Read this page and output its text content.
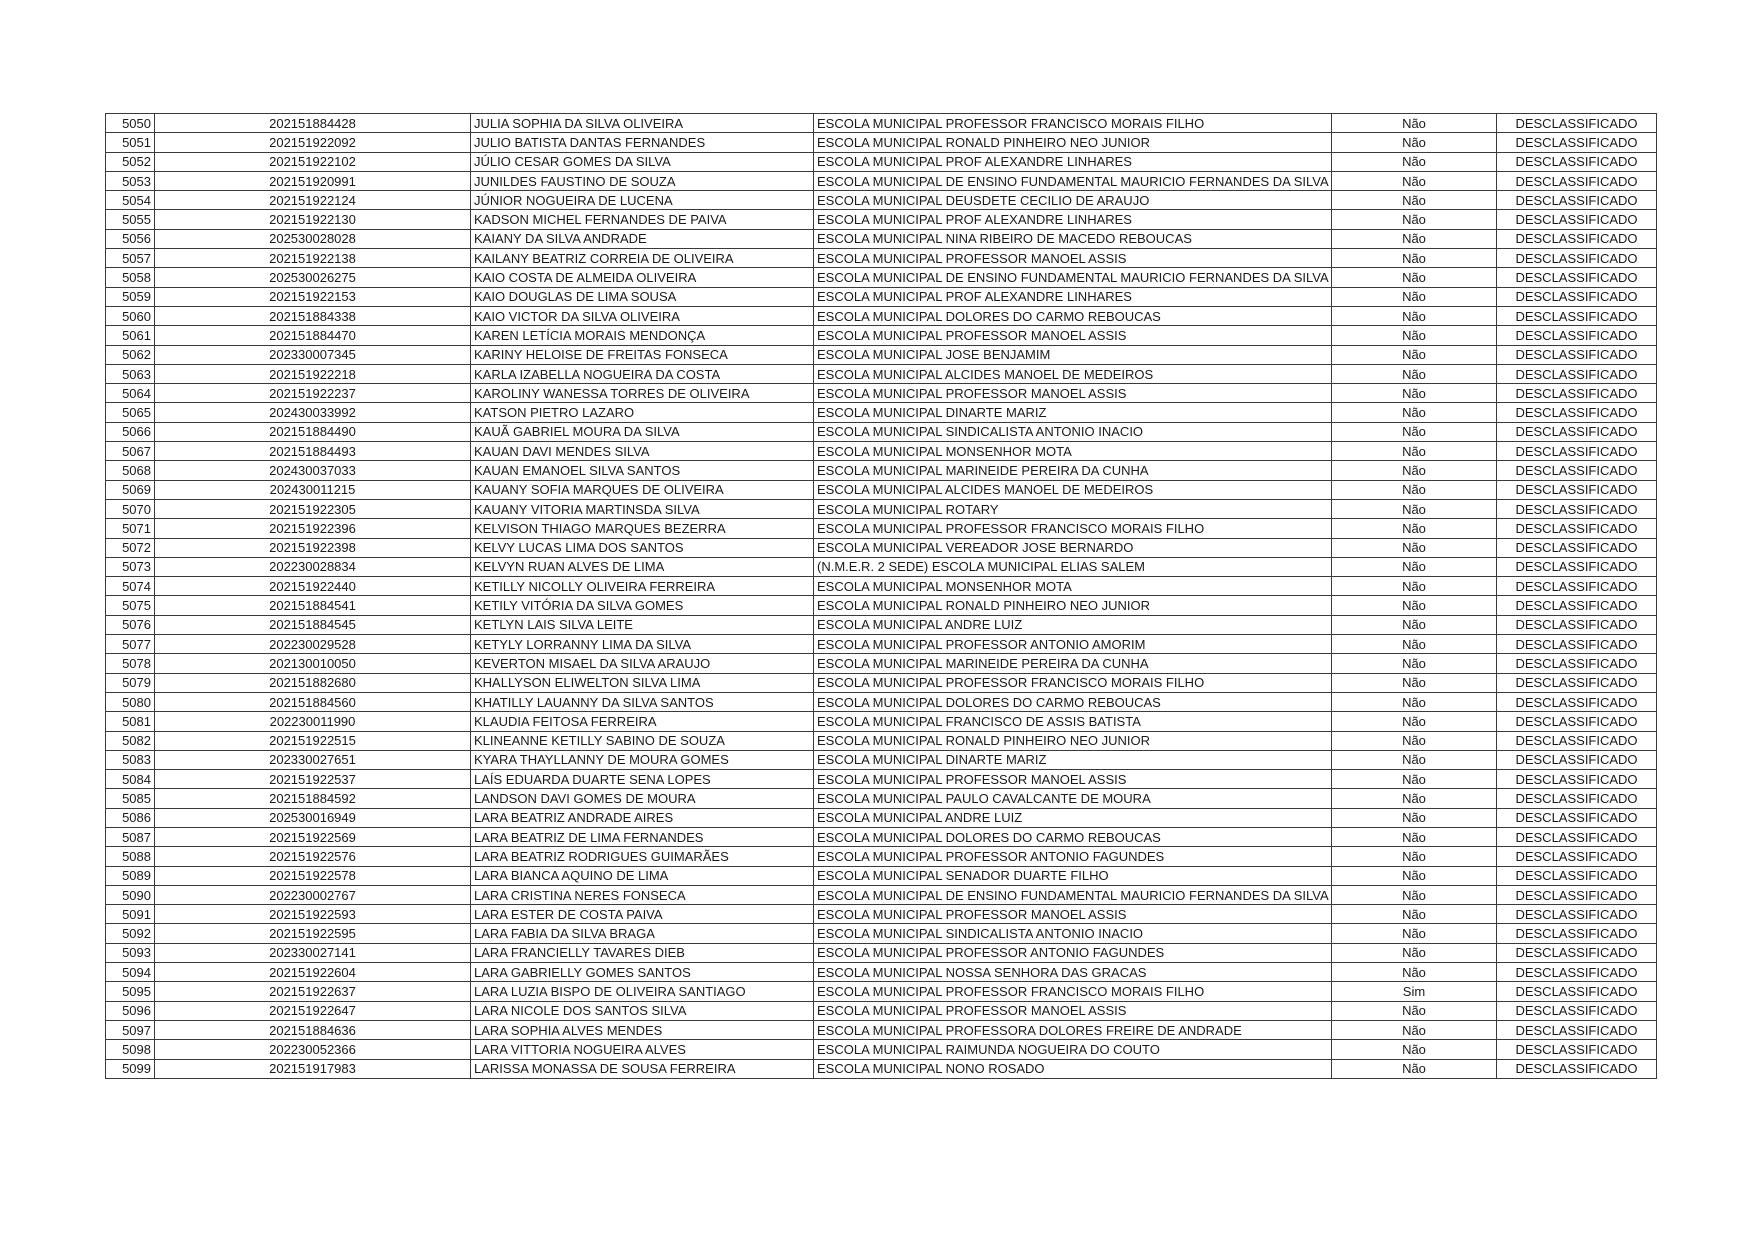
5050	202151884428	JULIA SOPHIA DA SILVA OLIVEIRA	ESCOLA MUNICIPAL PROFESSOR FRANCISCO MORAIS FILHO	Não	DESCLASSIFICADO
5051	202151922092	JULIO BATISTA DANTAS FERNANDES	ESCOLA MUNICIPAL RONALD PINHEIRO NEO JUNIOR	Não	DESCLASSIFICADO
5052	202151922102	JÚLIO CESAR GOMES DA SILVA	ESCOLA MUNICIPAL PROF ALEXANDRE LINHARES	Não	DESCLASSIFICADO
5053	202151920991	JUNILDES FAUSTINO DE SOUZA	ESCOLA MUNICIPAL DE ENSINO FUNDAMENTAL MAURICIO FERNANDES DA SILVA	Não	DESCLASSIFICADO
5054	202151922124	JÚNIOR NOGUEIRA DE LUCENA	ESCOLA MUNICIPAL DEUSDETE CECILIO DE ARAUJO	Não	DESCLASSIFICADO
5055	202151922130	KADSON MICHEL FERNANDES DE PAIVA	ESCOLA MUNICIPAL PROF ALEXANDRE LINHARES	Não	DESCLASSIFICADO
5056	202530028028	KAIANY DA SILVA ANDRADE	ESCOLA MUNICIPAL NINA RIBEIRO DE MACEDO REBOUCAS	Não	DESCLASSIFICADO
5057	202151922138	KAILANY BEATRIZ CORREIA DE OLIVEIRA	ESCOLA MUNICIPAL PROFESSOR MANOEL ASSIS	Não	DESCLASSIFICADO
5058	202530026275	KAIO COSTA DE ALMEIDA OLIVEIRA	ESCOLA MUNICIPAL DE ENSINO FUNDAMENTAL MAURICIO FERNANDES DA SILVA	Não	DESCLASSIFICADO
5059	202151922153	KAIO DOUGLAS DE LIMA SOUSA	ESCOLA MUNICIPAL PROF ALEXANDRE LINHARES	Não	DESCLASSIFICADO
5060	202151884338	KAIO VICTOR DA SILVA OLIVEIRA	ESCOLA MUNICIPAL DOLORES DO CARMO REBOUCAS	Não	DESCLASSIFICADO
5061	202151884470	KAREN LETÍCIA MORAIS MENDONÇA	ESCOLA MUNICIPAL PROFESSOR MANOEL ASSIS	Não	DESCLASSIFICADO
5062	202330007345	KARINY HELOISE DE FREITAS FONSECA	ESCOLA MUNICIPAL JOSE BENJAMIM	Não	DESCLASSIFICADO
5063	202151922218	KARLA IZABELLA NOGUEIRA DA COSTA	ESCOLA MUNICIPAL ALCIDES MANOEL DE MEDEIROS	Não	DESCLASSIFICADO
5064	202151922237	KAROLINY WANESSA TORRES DE OLIVEIRA	ESCOLA MUNICIPAL PROFESSOR MANOEL ASSIS	Não	DESCLASSIFICADO
5065	202430033992	KATSON PIETRO LAZARO	ESCOLA MUNICIPAL DINARTE MARIZ	Não	DESCLASSIFICADO
5066	202151884490	KAUÃ GABRIEL MOURA DA SILVA	ESCOLA MUNICIPAL SINDICALISTA ANTONIO INACIO	Não	DESCLASSIFICADO
5067	202151884493	KAUAN DAVI MENDES SILVA	ESCOLA MUNICIPAL MONSENHOR MOTA	Não	DESCLASSIFICADO
5068	202430037033	KAUAN EMANOEL SILVA SANTOS	ESCOLA MUNICIPAL MARINEIDE PEREIRA DA CUNHA	Não	DESCLASSIFICADO
5069	202430011215	KAUANY SOFIA MARQUES DE OLIVEIRA	ESCOLA MUNICIPAL ALCIDES MANOEL DE MEDEIROS	Não	DESCLASSIFICADO
5070	202151922305	KAUANY VITORIA MARTINSDA SILVA	ESCOLA MUNICIPAL ROTARY	Não	DESCLASSIFICADO
5071	202151922396	KELVISON THIAGO MARQUES BEZERRA	ESCOLA MUNICIPAL PROFESSOR FRANCISCO MORAIS FILHO	Não	DESCLASSIFICADO
5072	202151922398	KELVY LUCAS LIMA DOS SANTOS	ESCOLA MUNICIPAL VEREADOR JOSE BERNARDO	Não	DESCLASSIFICADO
5073	202230028834	KELVYN RUAN ALVES DE LIMA	(N.M.E.R. 2 SEDE) ESCOLA MUNICIPAL ELIAS SALEM	Não	DESCLASSIFICADO
5074	202151922440	KETILLY NICOLLY OLIVEIRA FERREIRA	ESCOLA MUNICIPAL MONSENHOR MOTA	Não	DESCLASSIFICADO
5075	202151884541	KETILY VITÓRIA DA SILVA GOMES	ESCOLA MUNICIPAL RONALD PINHEIRO NEO JUNIOR	Não	DESCLASSIFICADO
5076	202151884545	KETLYN LAIS SILVA LEITE	ESCOLA MUNICIPAL ANDRE LUIZ	Não	DESCLASSIFICADO
5077	202230029528	KETYLY LORRANNY LIMA DA SILVA	ESCOLA MUNICIPAL PROFESSOR ANTONIO AMORIM	Não	DESCLASSIFICADO
5078	202130010050	KEVERTON MISAEL DA SILVA ARAUJO	ESCOLA MUNICIPAL MARINEIDE PEREIRA DA CUNHA	Não	DESCLASSIFICADO
5079	202151882680	KHALLYSON ELIWELTON SILVA LIMA	ESCOLA MUNICIPAL PROFESSOR FRANCISCO MORAIS FILHO	Não	DESCLASSIFICADO
5080	202151884560	KHATILLY LAUANNY DA SILVA SANTOS	ESCOLA MUNICIPAL DOLORES DO CARMO REBOUCAS	Não	DESCLASSIFICADO
5081	202230011990	KLAUDIA FEITOSA FERREIRA	ESCOLA MUNICIPAL FRANCISCO DE ASSIS BATISTA	Não	DESCLASSIFICADO
5082	202151922515	KLINEANNE KETILLY SABINO DE SOUZA	ESCOLA MUNICIPAL RONALD PINHEIRO NEO JUNIOR	Não	DESCLASSIFICADO
5083	202330027651	KYARA THAYLLANNY DE MOURA GOMES	ESCOLA MUNICIPAL DINARTE MARIZ	Não	DESCLASSIFICADO
5084	202151922537	LAÍS EDUARDA DUARTE SENA LOPES	ESCOLA MUNICIPAL PROFESSOR MANOEL ASSIS	Não	DESCLASSIFICADO
5085	202151884592	LANDSON DAVI GOMES DE MOURA	ESCOLA MUNICIPAL PAULO CAVALCANTE DE MOURA	Não	DESCLASSIFICADO
5086	202530016949	LARA BEATRIZ ANDRADE AIRES	ESCOLA MUNICIPAL ANDRE LUIZ	Não	DESCLASSIFICADO
5087	202151922569	LARA BEATRIZ DE LIMA FERNANDES	ESCOLA MUNICIPAL DOLORES DO CARMO REBOUCAS	Não	DESCLASSIFICADO
5088	202151922576	LARA BEATRIZ RODRIGUES GUIMARÃES	ESCOLA MUNICIPAL PROFESSOR ANTONIO FAGUNDES	Não	DESCLASSIFICADO
5089	202151922578	LARA BIANCA AQUINO DE LIMA	ESCOLA MUNICIPAL SENADOR DUARTE FILHO	Não	DESCLASSIFICADO
5090	202230002767	LARA CRISTINA NERES FONSECA	ESCOLA MUNICIPAL DE ENSINO FUNDAMENTAL MAURICIO FERNANDES DA SILVA	Não	DESCLASSIFICADO
5091	202151922593	LARA ESTER DE COSTA PAIVA	ESCOLA MUNICIPAL PROFESSOR MANOEL ASSIS	Não	DESCLASSIFICADO
5092	202151922595	LARA FABIA DA SILVA BRAGA	ESCOLA MUNICIPAL SINDICALISTA ANTONIO INACIO	Não	DESCLASSIFICADO
5093	202330027141	LARA FRANCIELLY TAVARES DIEB	ESCOLA MUNICIPAL PROFESSOR ANTONIO FAGUNDES	Não	DESCLASSIFICADO
5094	202151922604	LARA GABRIELLY GOMES SANTOS	ESCOLA MUNICIPAL NOSSA SENHORA DAS GRACAS	Não	DESCLASSIFICADO
5095	202151922637	LARA LUZIA BISPO DE OLIVEIRA SANTIAGO	ESCOLA MUNICIPAL PROFESSOR FRANCISCO MORAIS FILHO	Sim	DESCLASSIFICADO
5096	202151922647	LARA NICOLE DOS SANTOS SILVA	ESCOLA MUNICIPAL PROFESSOR MANOEL ASSIS	Não	DESCLASSIFICADO
5097	202151884636	LARA SOPHIA ALVES MENDES	ESCOLA MUNICIPAL PROFESSORA DOLORES FREIRE DE ANDRADE	Não	DESCLASSIFICADO
5098	202230052366	LARA VITTORIA NOGUEIRA ALVES	ESCOLA MUNICIPAL RAIMUNDA NOGUEIRA DO COUTO	Não	DESCLASSIFICADO
5099	202151917983	LARISSA MONASSA DE SOUSA FERREIRA	ESCOLA MUNICIPAL NONO ROSADO	Não	DESCLASSIFICADO
